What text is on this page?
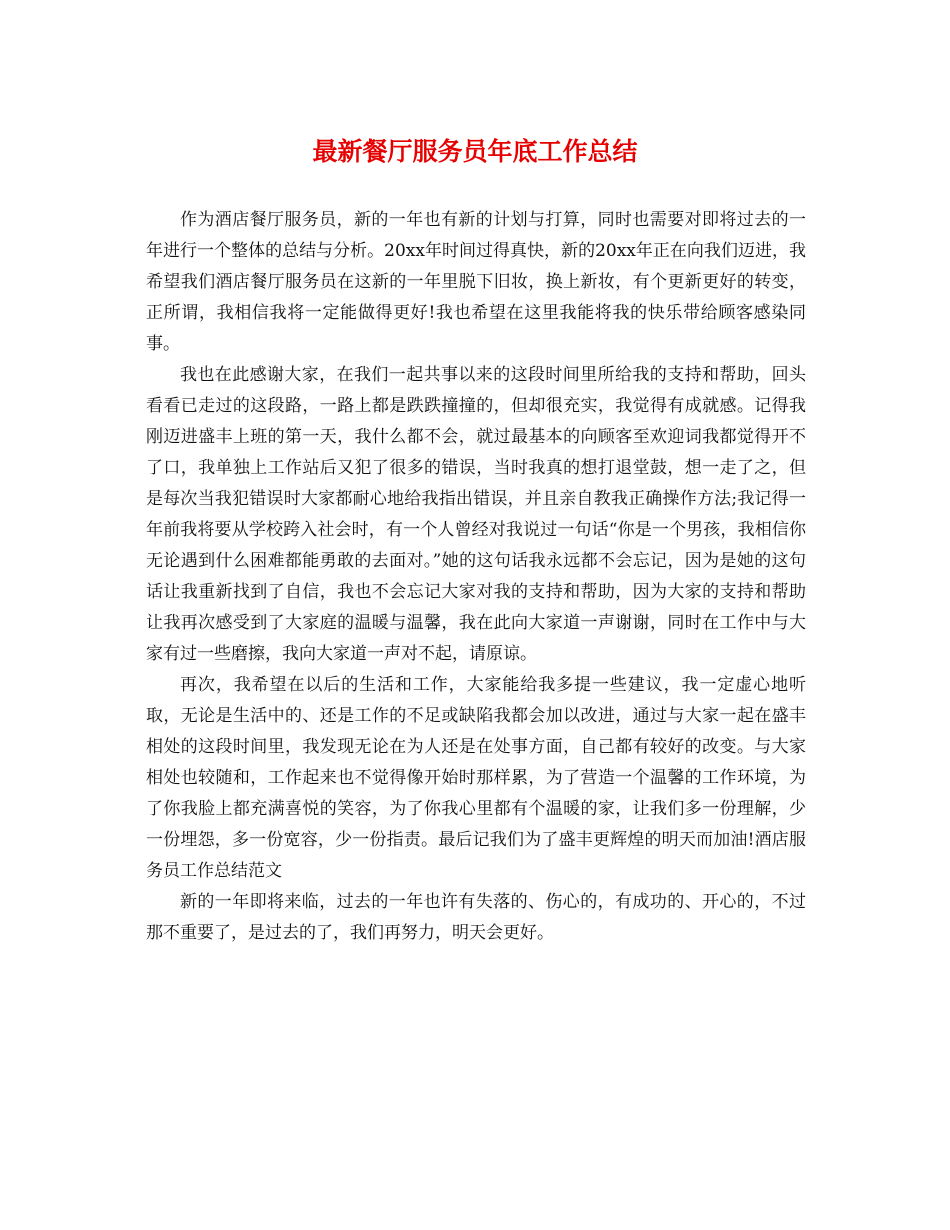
最新餐厅服务员年底工作总结

作为酒店餐厅服务员，新的一年也有新的计划与打算，同时也需要对即将过去的一年进行一个整体的总结与分析。20xx年时间过得真快，新的20xx年正在向我们迈进，我希望我们酒店餐厅服务员在这新的一年里脱下旧妆，换上新妆，有个更新更好的转变，正所谓，我相信我将一定能做得更好!我也希望在这里我能将我的快乐带给顾客感染同事。

我也在此感谢大家，在我们一起共事以来的这段时间里所给我的支持和帮助，回头看看已走过的这段路，一路上都是跌跌撞撞的，但却很充实，我觉得有成就感。记得我刚迈进盛丰上班的第一天，我什么都不会，就过最基本的向顾客至欢迎词我都觉得开不了口，我单独上工作站后又犯了很多的错误，当时我真的想打退堂鼓，想一走了之，但是每次当我犯错误时大家都耐心地给我指出错误，并且亲自教我正确操作方法;我记得一年前我将要从学校跨入社会时，有一个人曾经对我说过一句话“你是一个男孩，我相信你无论遇到什么困难都能勇敢的去面对。”她的这句话我永远都不会忘记，因为是她的这句话让我重新找到了自信，我也不会忘记大家对我的支持和帮助，因为大家的支持和帮助让我再次感受到了大家庭的温暖与温馨，我在此向大家道一声谢谢，同时在工作中与大家有过一些磨擦，我向大家道一声对不起，请原谅。

再次，我希望在以后的生活和工作，大家能给我多提一些建议，我一定虚心地听取，无论是生活中的、还是工作的不足或缺陷我都会加以改进，通过与大家一起在盛丰相处的这段时间里，我发现无论在为人还是在处事方面，自己都有较好的改变。与大家相处也较随和，工作起来也不觉得像开始时那样累，为了营造一个温馨的工作环境，为了你我脸上都充满喜悦的笑容，为了你我心里都有个温暖的家，让我们多一份理解，少一份埋怨，多一份宽容，少一份指责。最后记我们为了盛丰更辉煌的明天而加油!酒店服务员工作总结范文

新的一年即将来临，过去的一年也许有失落的、伤心的，有成功的、开心的，不过那不重要了，是过去的了，我们再努力，明天会更好。
